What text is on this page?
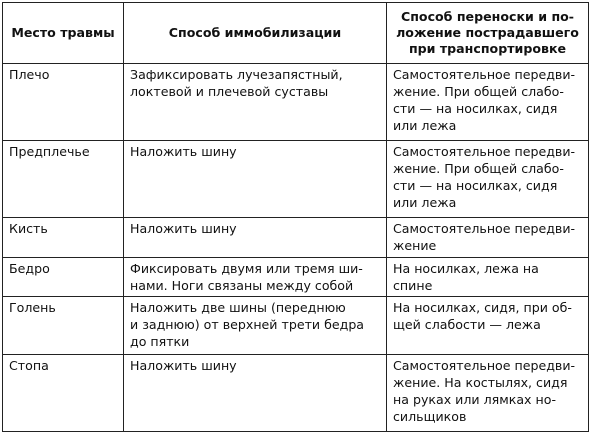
Место травмы	Способ иммобилизации	Способ переноски и по-
ложение пострадавшего
при транспортировке
Плечо	Зафиксировать лучезапястный,
локтевой и плечевой суставы	Самостоятельное передви-
жение. При общей слабо-
сти — на носилках, сидя
или лежа
Предплечье	Наложить шину	Самостоятельное передви-
жение. При общей слабо-
сти — на носилках, сидя
или лежа
Кисть	Наложить шину	Самостоятельное передви-
жение
Бедро	Фиксировать двумя или тремя ши-
нами. Ноги связаны между собой	На носилках, лежа на спине
Голень	Наложить две шины (переднюю
и заднюю) от верхней трети бедра
до пятки	На носилках, сидя, при об-
щей слабости — лежа
Стопа	Наложить шину	Самостоятельное передви-
жение. На костылях, сидя
на руках или лямках но-
сильщиков
